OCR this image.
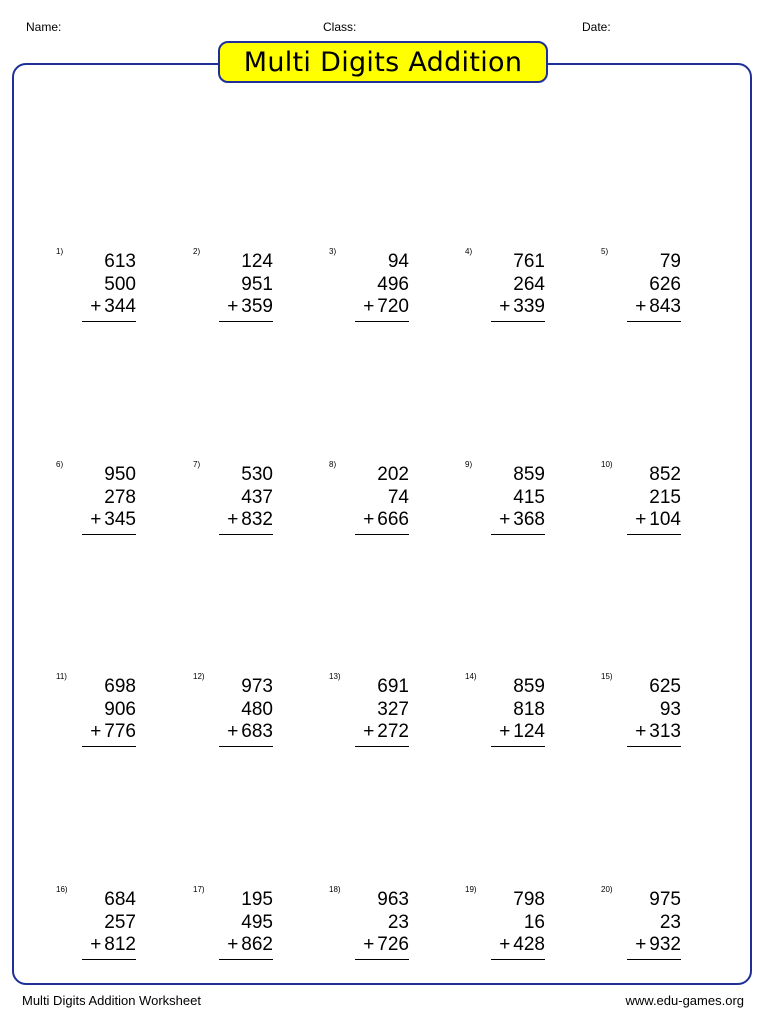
Name:	Class:	Date:
Multi Digits Addition
1) 613
500
+ 344
2) 124
951
+ 359
3)	94
496
+ 720
4) 761
264
+ 339
5)	79
626
+ 843
6) 950
278
+ 345
7) 530
437
+ 832
8) 202
74
+ 666
9) 859
415
+ 368
10) 852
215
+ 104
11) 698
906
+ 776
12) 973
480
+ 683
13) 691
327
+ 272
14) 859
818
+ 124
15) 625
93
+ 313
16) 684
257
+ 812
17) 195
495
+ 862
18) 963
23
+ 726
19) 798
16
+ 428
20) 975
23
+ 932
Multi Digits Addition Worksheet	www.edu-games.org
